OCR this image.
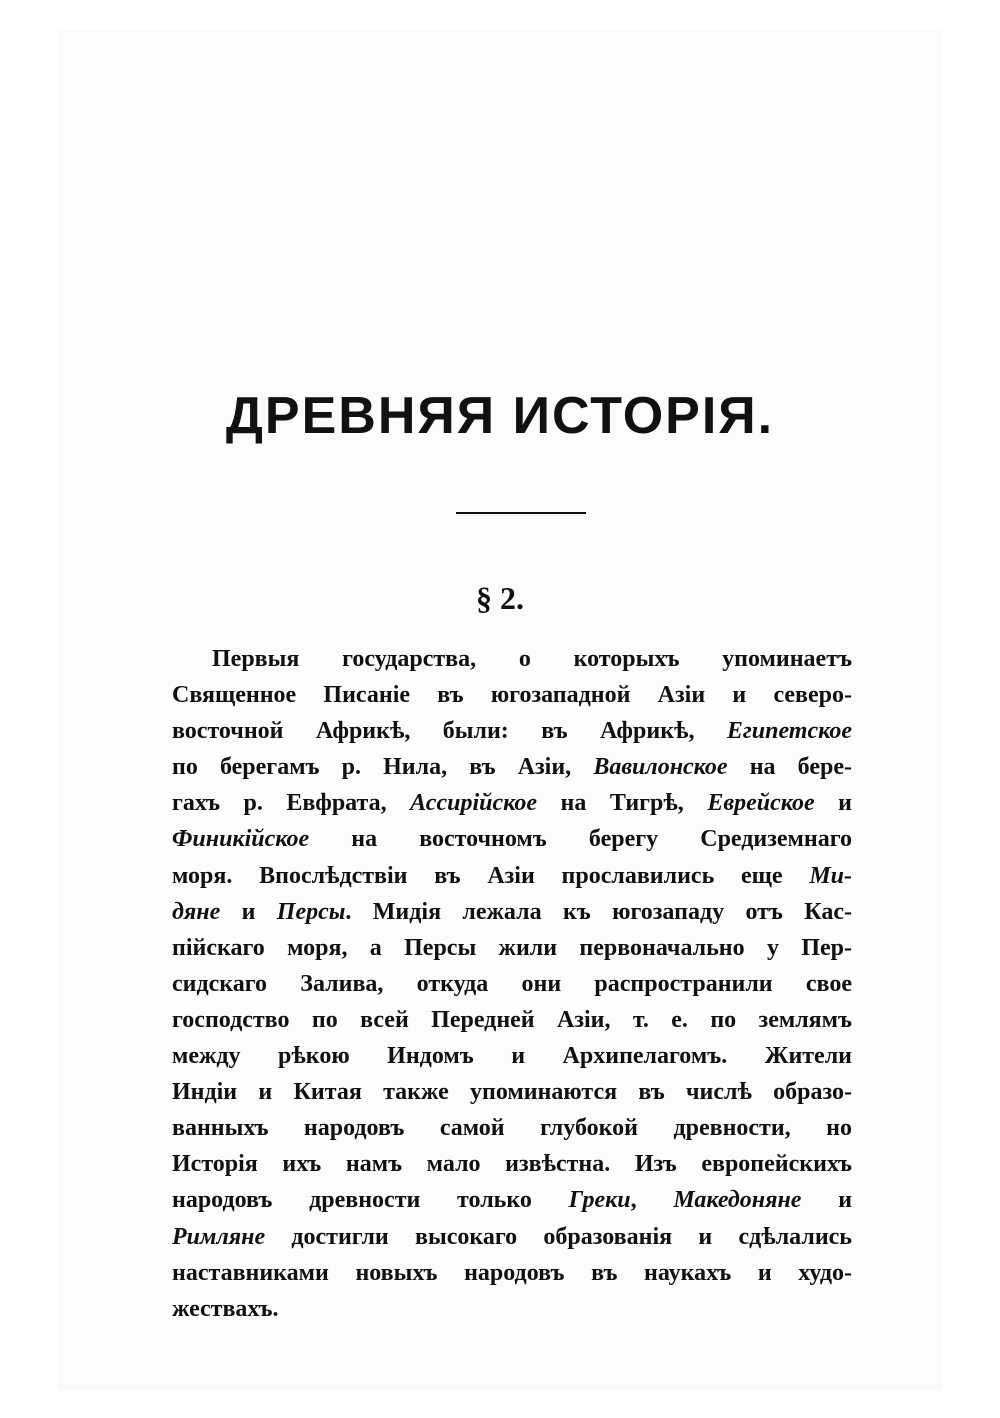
ДРЕВНЯЯ ИСТОРІЯ.
§ 2.
Первыя государства, о которыхъ упоминаетъ
Священное Писаніе въ югозападной Азіи и северо-
восточной Африкѣ, были: въ Африкѣ, Египетское
по берегамъ р. Нила, въ Азіи, Вавилонское на бере-
гахъ р. Евфрата, Ассирійское на Тигрѣ, Еврейское и
Финикійское на восточномъ берегу Средиземнаго
моря. Впослѣдствіи въ Азіи прославились еще Ми-
дяне и Персы. Мидія лежала къ югозападу отъ Кас-
пійскаго моря, а Персы жили первоначально у Пер-
сидскаго Залива, откуда они распространили свое
господство по всей Передней Азіи, т. е. по землямъ
между рѣкою Индомъ и Архипелагомъ. Жители
Индіи и Китая также упоминаются въ числѣ образо-
ванныхъ народовъ самой глубокой древности, но
Исторія ихъ намъ мало извѣстна. Изъ европейскихъ
народовъ древности только Греки, Македоняне и
Римляне достигли высокаго образованія и сдѣлались
наставниками новыхъ народовъ въ наукахъ и худо-
жествахъ.
